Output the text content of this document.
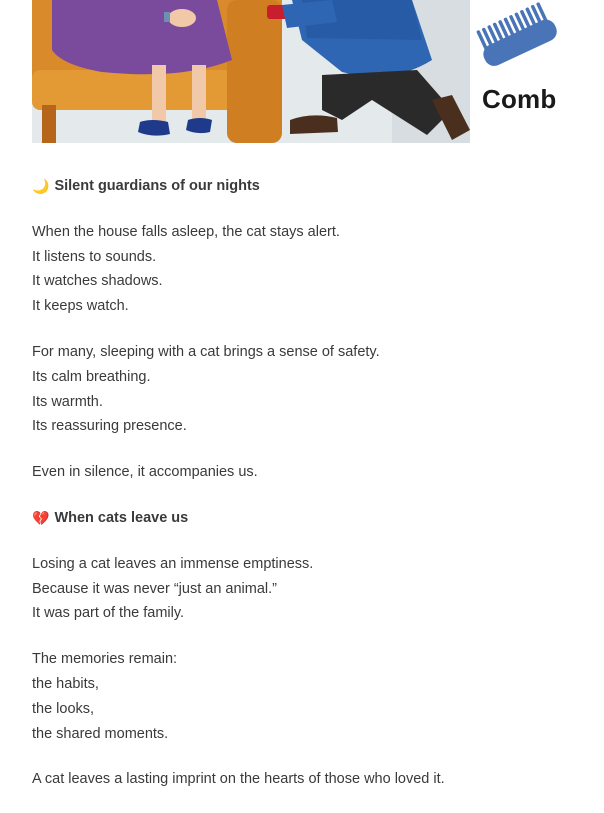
Comb
🌙 Silent guardians of our nights
When the house falls asleep, the cat stays alert.
It listens to sounds.
It watches shadows.
It keeps watch.
For many, sleeping with a cat brings a sense of safety.
Its calm breathing.
Its warmth.
Its reassuring presence.
Even in silence, it accompanies us.
💔 When cats leave us
Losing a cat leaves an immense emptiness.
Because it was never “just an animal.”
It was part of the family.
The memories remain:
the habits,
the looks,
the shared moments.
A cat leaves a lasting imprint on the hearts of those who loved it.
